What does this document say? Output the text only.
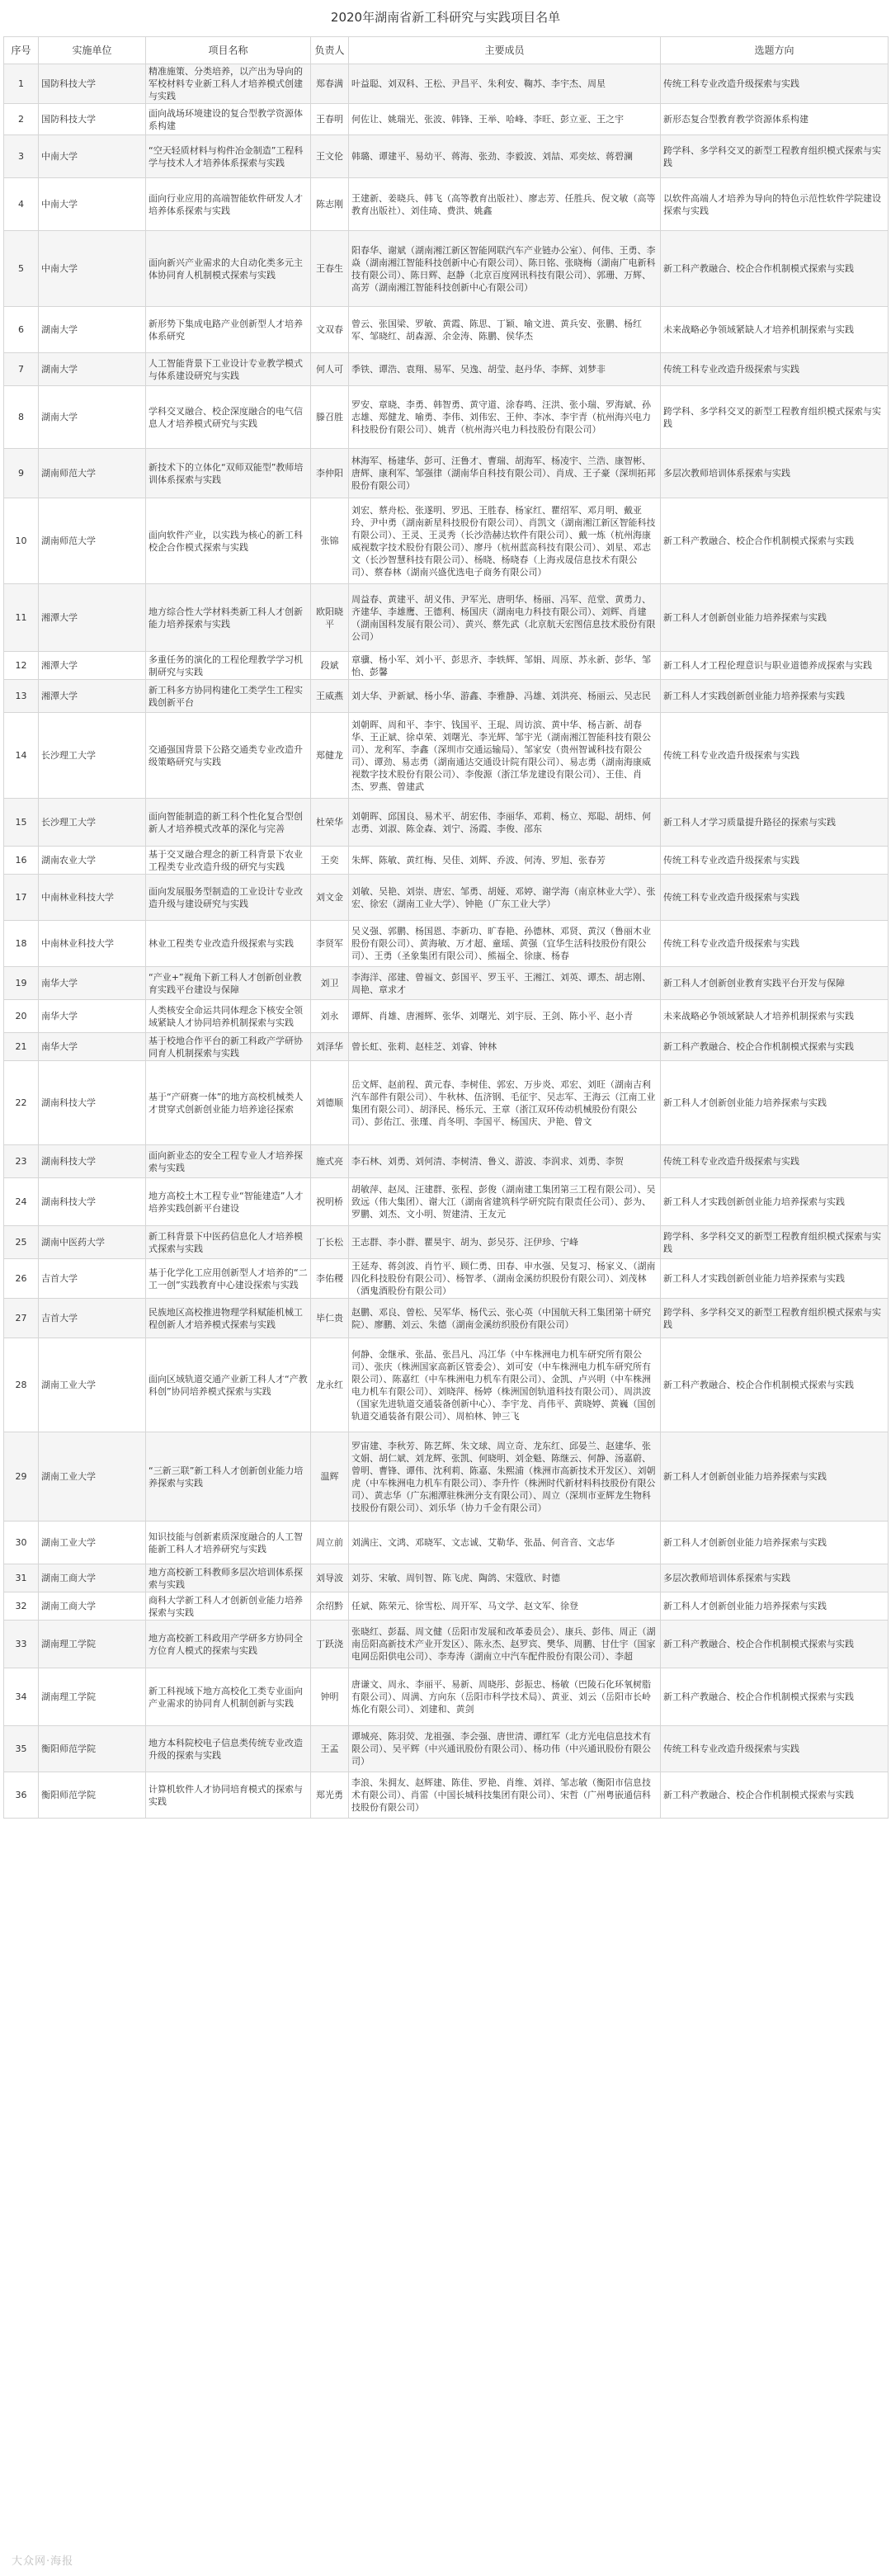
2020年湖南省新工科研究与实践项目名单
序号	实施单位	项目名称	负责人	主要成员	选题方向
1	国防科技大学	精准施策、分类培养，以产出为导向的军校材料专业新工科人才培养模式创建与实践	郑春满	叶益聪、刘双科、王松、尹昌平、朱利安、鞠苏、李宇杰、周星	传统工科专业改造升级探索与实践
2	国防科技大学	面向战场环境建设的复合型教学资源体系构建	王春明	何佐让、姚瑞光、张波、韩锋、王举、哈峰、李旺、彭立亚、王之宇	新形态复合型教育教学资源体系构建
3	中南大学	“空天轻质材料与构件冶金制造”工程科学与技术人才培养体系探索与实践	王文伦	韩璐、谭建平、易幼平、蒋海、张劲、李毅波、刘喆、邓奕炫、蒋碧澜	跨学科、多学科交叉的新型工程教育组织模式探索与实践
4	中南大学	面向行业应用的高端智能软件研发人才培养体系探索与实践	陈志刚	王建新、姜晓兵、韩飞（高等教育出版社）、廖志芳、任胜兵、倪文敏（高等教育出版社）、刘佳琦、费洪、姚鑫	以软件高端人才培养为导向的特色示范性软件学院建设探索与实践
5	中南大学	面向新兴产业需求的大自动化类多元主体协同育人机制模式探索与实践	王春生	阳春华、谢斌（湖南湘江新区智能网联汽车产业链办公室）、何伟、王勇、李焱（湖南湘江智能科技创新中心有限公司）、陈日铭、张晓梅（湖南广电新科技有限公司）、陈日辉、赵静（北京百度网讯科技有限公司）、郭珊、万辉、高芳（湖南湘江智能科技创新中心有限公司）	新工科产教融合、校企合作机制模式探索与实践
6	湖南大学	新形势下集成电路产业创新型人才培养体系研究	文双春	曾云、张国梁、罗敏、黄霞、陈思、丁颖、喻文进、黄兵安、张鹏、杨红军、邹晓红、胡森源、余金涛、陈鹏、侯华杰	未来战略必争领域紧缺人才培养机制探索与实践
7	湖南大学	人工智能背景下工业设计专业教学模式与体系建设研究与实践	何人可	季铁、谭浩、袁翔、易军、吴逸、胡莹、赵丹华、李辉、刘梦非	传统工科专业改造升级探索与实践
8	湖南大学	学科交叉融合、校企深度融合的电气信息人才培养模式研究与实践	滕召胜	罗安、章晓、李勇、韩智勇、黄守道、涂春鸣、汪洪、张小瑞、罗海斌、孙志雄、郑健龙、喻勇、李伟、刘伟宏、王仲、李冰、李宇青（杭州海兴电力科技股份有限公司）、姚青（杭州海兴电力科技股份有限公司）	跨学科、多学科交叉的新型工程教育组织模式探索与实践
9	湖南师范大学	新技术下的立体化“双师双能型”教师培训体系探索与实践	李仲阳	林海军、杨建华、彭可、汪鲁才、曹瑞、胡海军、杨凌宇、兰浩、康智彬、唐辉、康利军、邹强律（湖南华自科技有限公司）、肖成、王子豪（深圳拓邦股份有限公司）	多层次教师培训体系探索与实践
10	湖南师范大学	面向软件产业，以实践为核心的新工科校企合作模式探索与实践	张锦	刘宏、蔡舟松、张遂明、罗迅、王胜春、杨家红、瞿绍军、邓月明、戴亚玲、尹中勇（湖南新星科技股份有限公司）、肖凯文（湖南湘江新区智能科技有限公司）、王灵、王灵秀（长沙浩赫达软件有限公司）、戴一炼（杭州海康威视数字技术股份有限公司）、廖丹（杭州蓝高科技有限公司）、刘星、邓志文（长沙智慧科技有限公司）、杨晓、杨晓春（上海戎晟信息技术有限公司）、蔡春林（湖南兴盛优选电子商务有限公司）	新工科产教融合、校企合作机制模式探索与实践
11	湘潭大学	地方综合性大学材料类新工科人才创新能力培养探索与实践	欧阳晓平	周益春、黄建平、胡义伟、尹军光、唐明华、杨丽、冯军、范堂、黄勇力、齐建华、李雄鹰、王德利、杨国庆（湖南电力科技有限公司）、刘辉、肖建（湖南国科发展有限公司）、黄兴、蔡先武（北京航天宏图信息技术股份有限公司）	新工科人才创新创业能力培养探索与实践
12	湘潭大学	多重任务的演化的工程伦理教学学习机制研究与实践	段斌	章骥、杨小军、刘小平、彭思齐、李轶辉、邹娟、周原、苏永新、彭华、邹怡、彭馨	新工科人才工程伦理意识与职业道德养成探索与实践
13	湘潭大学	新工科多方协同构建化工类学生工程实践创新平台	王威燕	刘大华、尹新斌、杨小华、游鑫、李雅静、冯雄、刘洪亮、杨丽云、吴志民	新工科人才实践创新创业能力培养探索与实践
14	长沙理工大学	交通强国背景下公路交通类专业改造升级策略研究与实践	郑健龙	刘朝晖、周和平、李宇、钱国平、王琨、周访滨、黄中华、杨吉新、胡春华、王正斌、徐卓荣、刘曙光、李光辉、邹宇光（湖南湘江智能科技有限公司）、龙利军、李鑫（深圳市交通运输局）、邹家安（贵州智诚科技有限公司）、谭劲、易志勇（湖南通达交通设计院有限公司）、易志勇（湖南海康威视数字技术股份有限公司）、李俊源（浙江华龙建设有限公司）、王佳、肖杰、罗燕、曾建武	传统工科专业改造升级探索与实践
15	长沙理工大学	面向智能制造的新工科个性化复合型创新人才培养模式改革的深化与完善	杜荣华	刘朝晖、邱国良、易术平、胡宏伟、李丽华、邓莉、杨立、郑聪、胡炜、何志勇、刘淑、陈金森、刘宁、汤霞、李俊、邵东	新工科人才学习质量提升路径的探索与实践
16	湖南农业大学	基于交叉融合理念的新工科背景下农业工程类专业改造升级的研究与实践	王奕	朱辉、陈敏、黄红梅、吴佳、刘辉、乔波、何涛、罗旭、张春芳	传统工科专业改造升级探索与实践
17	中南林业科技大学	面向发展服务型制造的工业设计专业改造升级与建设研究与实践	刘文金	刘敏、吴艳、刘崇、唐宏、邹勇、胡娅、邓婷、谢学海（南京林业大学）、张宏、徐宏（湖南工业大学）、钟艳（广东工业大学）	传统工科专业改造升级探索与实践
18	中南林业科技大学	林业工程类专业改造升级探索与实践	李贤军	吴义强、郭鹏、杨国恩、李新功、旷春艳、孙德林、邓贤、黄汉（鲁丽木业股份有限公司）、黄海敏、万才超、童瑶、黄强（宜华生活科技股份有限公司）、王勇（圣象集团有限公司）、熊福全、徐康、杨春	传统工科专业改造升级探索与实践
19	南华大学	“产业+”视角下新工科人才创新创业教育实践平台建设与保障	刘卫	李海洋、邵建、曾福文、彭国平、罗玉平、王湘江、刘英、谭杰、胡志刚、周艳、章求才	新工科人才创新创业教育实践平台开发与保障
20	南华大学	人类核安全命运共同体理念下核安全领域紧缺人才协同培养机制探索与实践	刘永	谭辉、肖雄、唐湘辉、张华、刘曙光、刘宇辰、王剑、陈小平、赵小青	未来战略必争领域紧缺人才培养机制探索与实践
21	南华大学	基于校地合作平台的新工科政产学研协同育人机制探索与实践	刘泽华	曾长虹、张莉、赵桂芝、刘睿、钟林	新工科产教融合、校企合作机制模式探索与实践
22	湖南科技大学	基于“产研赛一体”的地方高校机械类人才贯穿式创新创业能力培养途径探索	刘德顺	岳文辉、赵前程、黄元春、李树佳、郭宏、万步炎、邓宏、刘旺（湖南吉利汽车部件有限公司）、牛秋林、伍济钢、毛征宇、吴志军、王海云（江南工业集团有限公司）、胡泽民、杨乐元、王章（浙江双环传动机械股份有限公司）、彭佑江、张瑾、肖冬明、李国平、杨国庆、尹艳、曾文	新工科人才创新创业能力培养探索与实践
23	湖南科技大学	面向新业态的安全工程专业人才培养探索与实践	施式亮	李石林、刘勇、刘何清、李树清、鲁义、游波、李润求、刘勇、李贺	传统工科专业改造升级探索与实践
24	湖南科技大学	地方高校土木工程专业“智能建造”人才培养实践创新平台建设	祝明桥	胡敏萍、赵凤、汪建群、张程、彭俊（湖南建工集团第三工程有限公司）、吴致远（伟大集团）、谢大江（湖南省建筑科学研究院有限责任公司）、彭为、罗鹏、刘杰、文小明、贺建清、王友元	新工科人才实践创新创业能力培养探索与实践
25	湖南中医药大学	新工科背景下中医药信息化人才培养模式探索与实践	丁长松	王志群、李小群、瞿昊宇、胡为、彭吴芬、汪伊珍、宁峰	跨学科、多学科交叉的新型工程教育组织模式探索与实践
26	吉首大学	基于化学化工应用创新型人才培养的“二工一创”实践教育中心建设探索与实践	李佑稷	王延寿、蒋剑波、肖竹平、顾仁勇、田春、申水强、吴复习、杨家义、（湖南四化科技股份有限公司）、杨智孝、（湖南金溪纺织股份有限公司）、刘茂林（酒鬼酒股份有限公司）	新工科人才实践创新创业能力培养探索与实践
27	吉首大学	民族地区高校推进物理学科赋能机械工程创新人才培养模式探索与实践	毕仁贵	赵鹏、邓良、曾松、吴军华、杨代云、张心英（中国航天科工集团第十研究院）、廖鹏、刘云、朱德（湖南金溪纺织股份有限公司）	跨学科、多学科交叉的新型工程教育组织模式探索与实践
28	湖南工业大学	面向区域轨道交通产业新工科人才“产教科创”协同培养模式探索与实践	龙永红	何静、金继承、张晶、张昌凡、冯江华（中车株洲电力机车研究所有限公司）、张庆（株洲国家高新区管委会）、刘可安（中车株洲电力机车研究所有限公司）、陈嘉红（中车株洲电力机车有限公司）、金凯、卢兴明（中车株洲电力机车有限公司）、刘晓萍、杨婷（株洲国创轨道科技有限公司）、周洪波（国家先进轨道交通装备创新中心）、李宇龙、肖伟平、黄晓婷、黄巍（国创轨道交通装备有限公司）、周柏林、钟三飞	新工科产教融合、校企合作机制模式探索与实践
29	湖南工业大学	“三新三联”新工科人才创新创业能力培养探索与实践	温辉	罗宙建、李秋芳、陈艺辉、朱文球、周立奇、龙东红、邱晏兰、赵建华、张文娟、胡仁斌、刘龙辉、张凯、何晓明、刘金魁、陈继云、何静、汤嘉蔚、曾明、曹锋、谭伟、沈利莉、陈嘉、朱熙浦（株洲市高新技术开发区）、刘朝虎（中车株洲电力机车有限公司）、李升忤（株洲时代新材料科技股份有限公司）、黄志华（广东湘潭驻株洲分支有限公司）、周立（深圳市亚辉龙生物科技股份有限公司）、刘乐华（协力千金有限公司）	新工科人才创新创业能力培养探索与实践
30	湖南工业大学	知识技能与创新素质深度融合的人工智能新工科人才培养研究与实践	周立前	刘满庄、文鸿、邓晓军、文志诚、艾勒华、张晶、何音音、文志华	新工科人才创新创业能力培养探索与实践
31	湖南工商大学	地方高校新工科教师多层次培训体系探索与实践	刘导波	刘芬、宋敏、周钊智、陈飞虎、陶鸽、宋蔻欣、时德	多层次教师培训体系探索与实践
32	湖南工商大学	商科大学新工科人才创新创业能力培养探索与实践	余绍黔	任斌、陈荣元、徐雪松、周开军、马文学、赵文军、徐登	新工科人才创新创业能力培养探索与实践
33	湖南理工学院	地方高校新工科政用产学研多方协同全方位育人模式的探索与实践	丁跃浇	张晓红、彭磊、周文健（岳阳市发展和改革委员会）、康兵、彭伟、周正（湖南岳阳高新技术产业开发区）、陈永杰、赵罗宾、樊华、周鹏、甘仕宇（国家电网岳阳供电公司）、李寿涛（湖南立中汽车配件股份有限公司）、李超	新工科产教融合、校企合作机制模式探索与实践
34	湖南理工学院	新工科视域下地方高校化工类专业面向产业需求的协同育人机制创新与实践	钟明	唐谦文、周永、李丽平、易新、周晓彤、彭振忠、杨敏（巴陵石化环氧树脂有限公司）、周满、方向东（岳阳市科学技术局）、黄亚、刘云（岳阳市长岭炼化有限公司）、刘建和、黄剑	新工科产教融合、校企合作机制模式探索与实践
35	衡阳师范学院	地方本科院校电子信息类传统专业改造升级的探索与实践	王孟	谭城亮、陈羽荧、龙祖强、李会强、唐世清、谭红军（北方光电信息技术有限公司）、吴平辉（中兴通讯股份有限公司）、杨功伟（中兴通讯股份有限公司）	传统工科专业改造升级探索与实践
36	衡阳师范学院	计算机软件人才协同培育模式的探索与实践	郑光勇	李浪、朱拥友、赵辉建、陈佳、罗艳、肖维、刘祥、邹志敏（衡阳市信息技术有限公司）、肖雷（中国长城科技集团有限公司）、宋哲（广州粤嵌通信科技股份有限公司）	新工科产教融合、校企合作机制模式探索与实践
大众网·海报
